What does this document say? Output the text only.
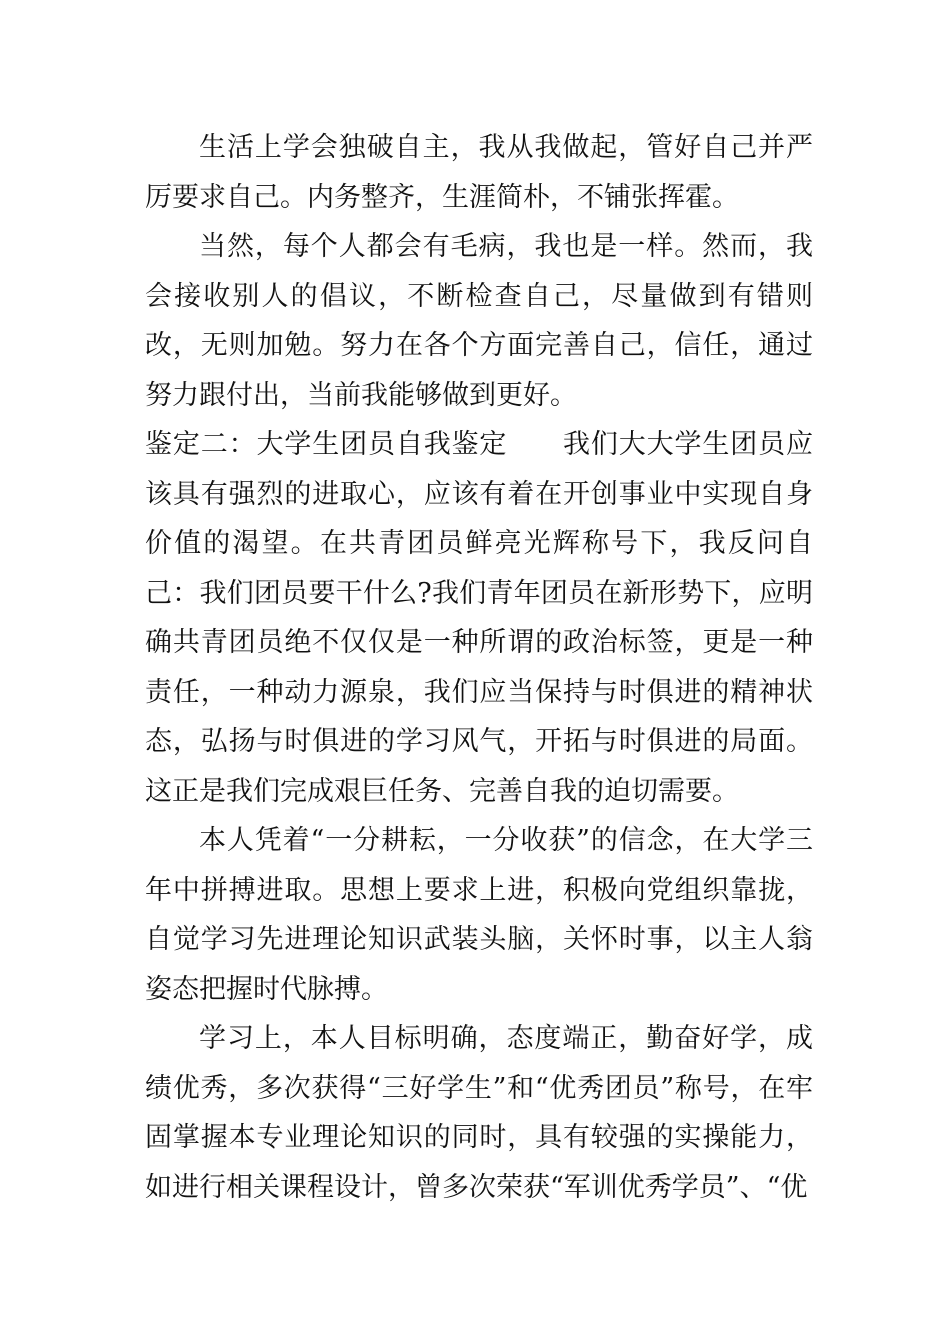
生活上学会独破自主，我从我做起，管好自己并严厉要求自己。内务整齐，生涯简朴，不铺张挥霍。

当然，每个人都会有毛病，我也是一样。然而，我会接收别人的倡议，不断检查自己，尽量做到有错则改，无则加勉。努力在各个方面完善自己，信任，通过努力跟付出，当前我能够做到更好。

鉴定二：大学生团员自我鉴定　　我们大大学生团员应该具有强烈的进取心，应该有着在开创事业中实现自身价值的渴望。在共青团员鲜亮光辉称号下，我反问自己：我们团员要干什么?我们青年团员在新形势下，应明确共青团员绝不仅仅是一种所谓的政治标签，更是一种责任，一种动力源泉，我们应当保持与时俱进的精神状态，弘扬与时俱进的学习风气，开拓与时俱进的局面。这正是我们完成艰巨任务、完善自我的迫切需要。

本人凭着“一分耕耘，一分收获”的信念，在大学三年中拼搏进取。思想上要求上进，积极向党组织靠拢，自觉学习先进理论知识武装头脑，关怀时事，以主人翁姿态把握时代脉搏。

学习上，本人目标明确，态度端正，勤奋好学，成绩优秀，多次获得“三好学生”和“优秀团员”称号，在牢固掌握本专业理论知识的同时，具有较强的实操能力，如进行相关课程设计，曾多次荣获“军训优秀学员”、“优
